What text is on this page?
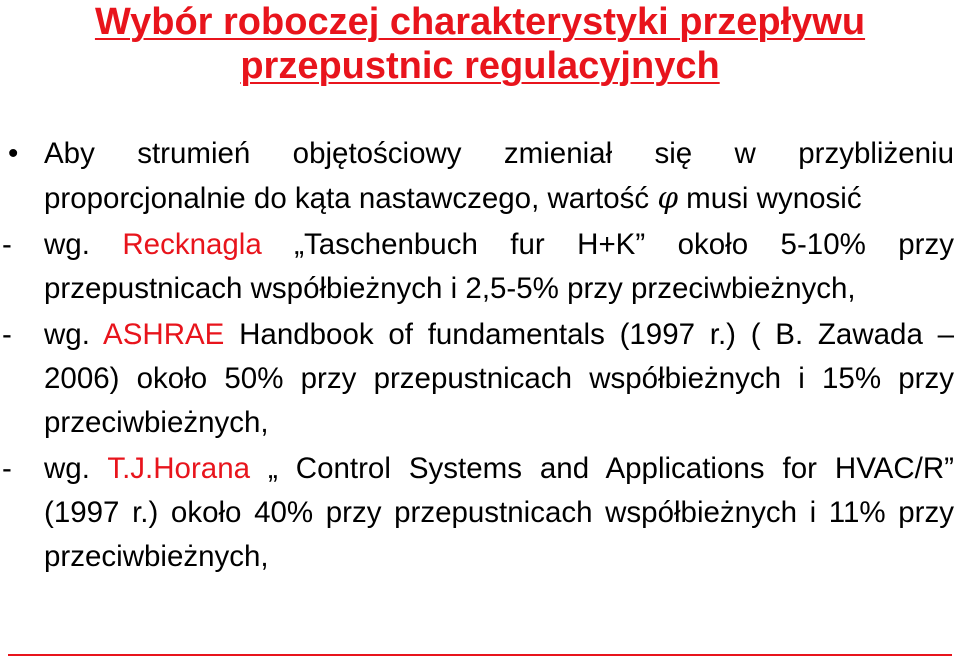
Wybór roboczej charakterystyki przepływu
przepustnic regulacyjnych
• Aby strumień objętościowy zmieniał się w przybliżeniu proporcjonalnie do kąta nastawczego, wartość φ musi wynosić
- wg. Recknagla „Taschenbuch fur H+K” około 5-10% przy przepustnicach współbieżnych i 2,5-5% przy przeciwbieżnych,
- wg. ASHRAE Handbook of fundamentals (1997 r.) ( B. Zawada – 2006) około 50% przy przepustnicach współbieżnych i 15% przy przeciwbieżnych,
- wg. T.J.Horana „ Control Systems and Applications for HVAC/R” (1997 r.) około 40% przy przepustnicach współbieżnych i 11% przy przeciwbieżnych,
